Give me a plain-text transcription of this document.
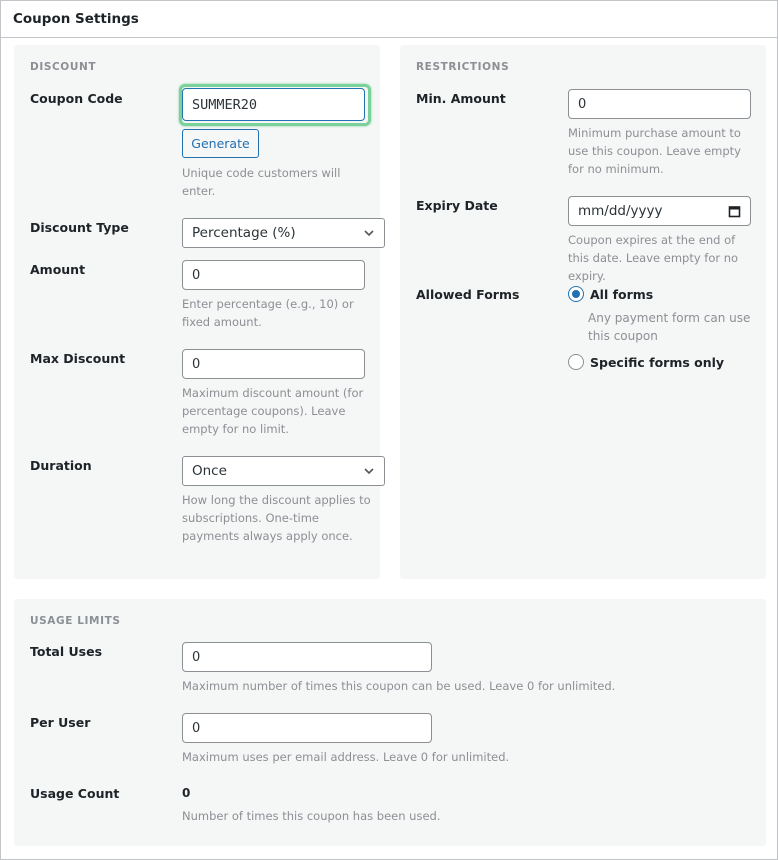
Coupon Settings
DISCOUNT
Coupon Code	SUMMER20
Generate
Unique code customers will enter.
Discount Type	Percentage (%)
Amount	0
Enter percentage (e.g., 10) or fixed amount.
Max Discount	0
Maximum discount amount (for percentage coupons). Leave empty for no limit.
Duration	Once
How long the discount applies to subscriptions. One-time payments always apply once.
RESTRICTIONS
Min. Amount	0
Minimum purchase amount to use this coupon. Leave empty for no minimum.
Expiry Date	mm/dd/yyyy
Coupon expires at the end of this date. Leave empty for no expiry.
Allowed Forms	All forms
Any payment form can use this coupon
Specific forms only
USAGE LIMITS
Total Uses	0
Maximum number of times this coupon can be used. Leave 0 for unlimited.
Per User	0
Maximum uses per email address. Leave 0 for unlimited.
Usage Count	0
Number of times this coupon has been used.
